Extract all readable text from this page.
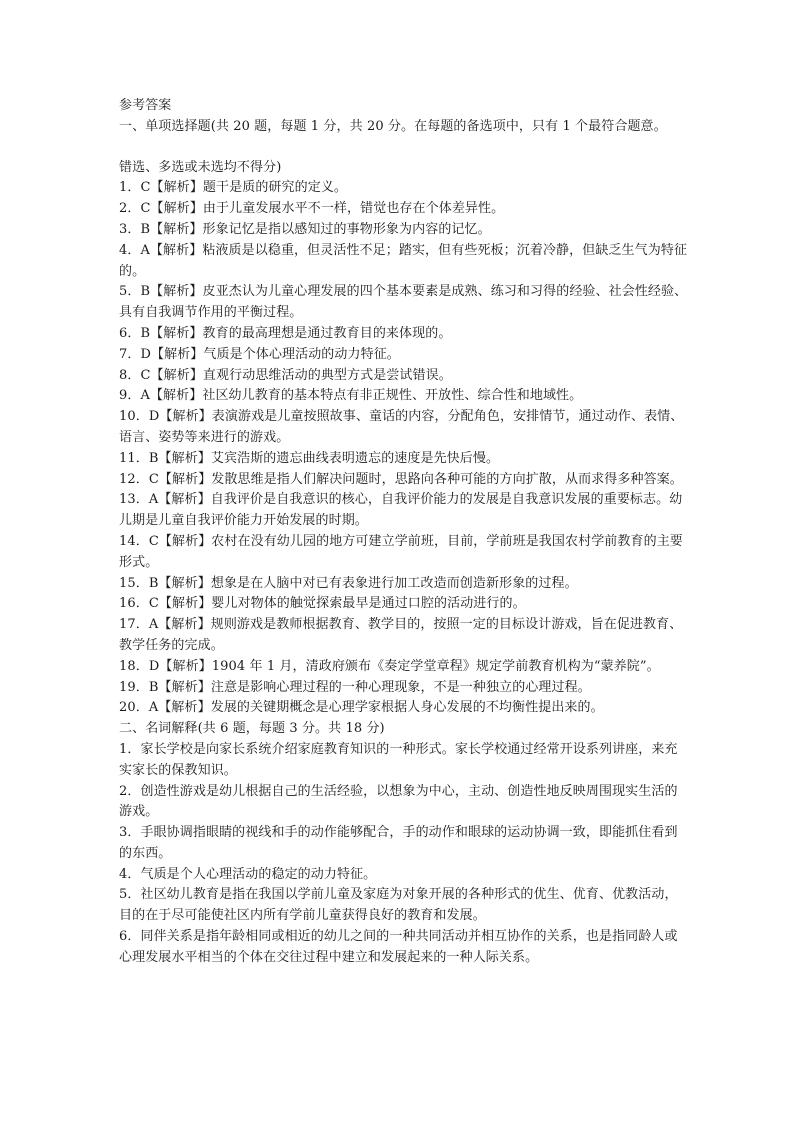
参考答案
一、单项选择题(共 20 题，每题 1 分，共 20 分。在每题的备选项中，只有 1 个最符合题意。
错选、多选或未选均不得分)
1．C【解析】题干是质的研究的定义。
2．C【解析】由于儿童发展水平不一样，错觉也存在个体差异性。
3．B【解析】形象记忆是指以感知过的事物形象为内容的记忆。
4．A【解析】粘液质是以稳重，但灵活性不足；踏实，但有些死板；沉着冷静，但缺乏生气为特征的。
5．B【解析】皮亚杰认为儿童心理发展的四个基本要素是成熟、练习和习得的经验、社会性经验、具有自我调节作用的平衡过程。
6．B【解析】教育的最高理想是通过教育目的来体现的。
7．D【解析】气质是个体心理活动的动力特征。
8．C【解析】直观行动思维活动的典型方式是尝试错误。
9．A【解析】社区幼儿教育的基本特点有非正规性、开放性、综合性和地域性。
10．D【解析】表演游戏是儿童按照故事、童话的内容，分配角色，安排情节，通过动作、表情、语言、姿势等来进行的游戏。
11．B【解析】艾宾浩斯的遗忘曲线表明遗忘的速度是先快后慢。
12．C【解析】发散思维是指人们解决问题时，思路向各种可能的方向扩散，从而求得多种答案。
13．A【解析】自我评价是自我意识的核心，自我评价能力的发展是自我意识发展的重要标志。幼儿期是儿童自我评价能力开始发展的时期。
14．C【解析】农村在没有幼儿园的地方可建立学前班，目前，学前班是我国农村学前教育的主要形式。
15．B【解析】想象是在人脑中对已有表象进行加工改造而创造新形象的过程。
16．C【解析】婴儿对物体的触觉探索最早是通过口腔的活动进行的。
17．A【解析】规则游戏是教师根据教育、教学目的，按照一定的目标设计游戏，旨在促进教育、教学任务的完成。
18．D【解析】1904 年 1 月，清政府颁布《奏定学堂章程》规定学前教育机构为“蒙养院”。
19．B【解析】注意是影响心理过程的一种心理现象，不是一种独立的心理过程。
20．A【解析】发展的关键期概念是心理学家根据人身心发展的不均衡性提出来的。
二、名词解释(共 6 题，每题 3 分。共 18 分)
1．家长学校是向家长系统介绍家庭教育知识的一种形式。家长学校通过经常开设系列讲座，来充实家长的保教知识。
2．创造性游戏是幼儿根据自己的生活经验，以想象为中心，主动、创造性地反映周围现实生活的游戏。
3．手眼协调指眼睛的视线和手的动作能够配合，手的动作和眼球的运动协调一致，即能抓住看到的东西。
4．气质是个人心理活动的稳定的动力特征。
5．社区幼儿教育是指在我国以学前儿童及家庭为对象开展的各种形式的优生、优育、优教活动，目的在于尽可能使社区内所有学前儿童获得良好的教育和发展。
6．同伴关系是指年龄相同或相近的幼儿之间的一种共同活动并相互协作的关系，也是指同龄人或心理发展水平相当的个体在交往过程中建立和发展起来的一种人际关系。
